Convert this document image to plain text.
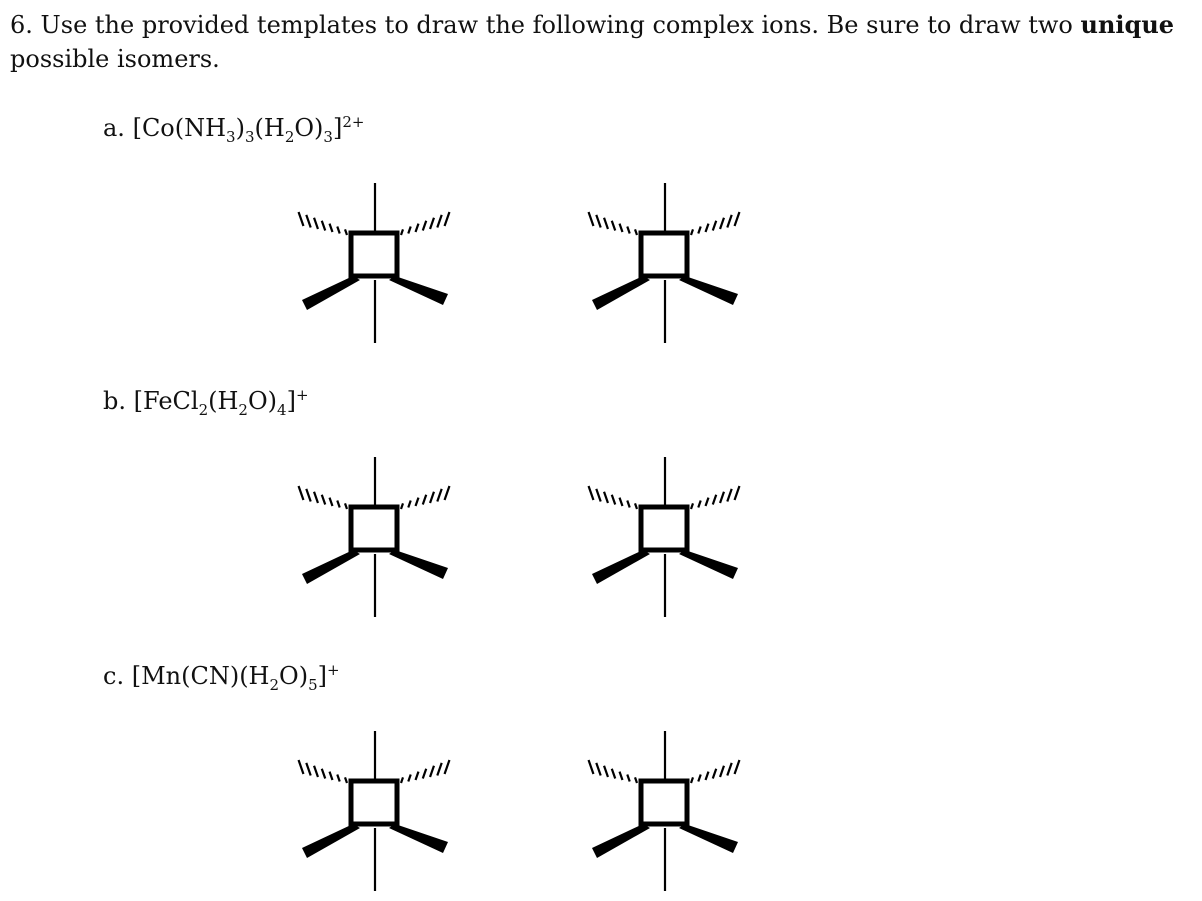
6. Use the provided templates to draw the following complex ions. Be sure to draw two unique possible isomers.

a. $[Co(NH_3)_3(H_2O)_3]^{2+}$
b. $[FeCl_2(H_2O)_4]^+$
c. $[Mn(CN)(H_2O)_5]^+$
